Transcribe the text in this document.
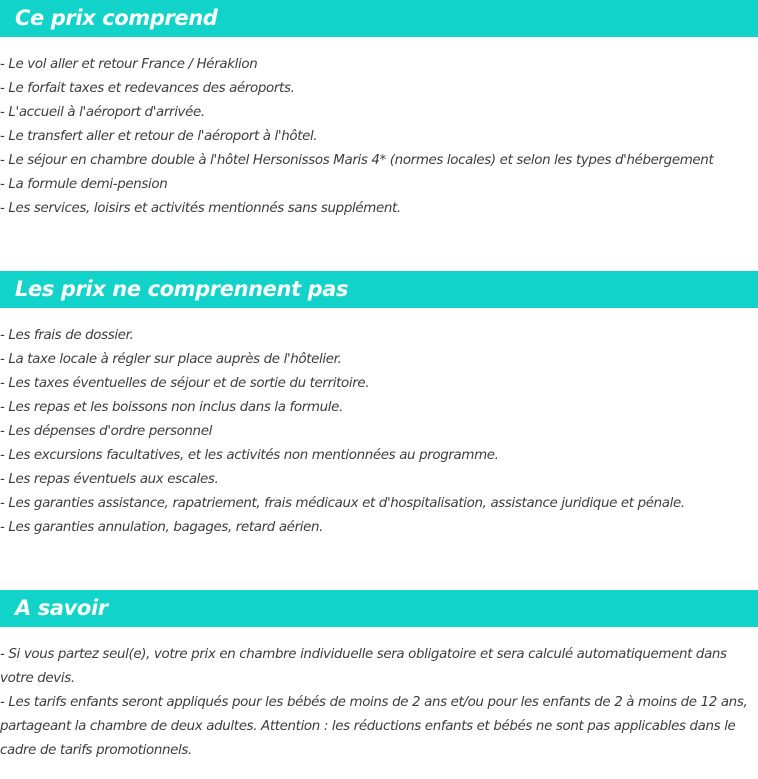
Ce prix comprend

- Le vol aller et retour France / Héraklion

- Le forfait taxes et redevances des aéroports.

- L'accueil à l'aéroport d'arrivée.

- Le transfert aller et retour de l'aéroport à l'hôtel.

- Le séjour en chambre double à l'hôtel Hersonissos Maris 4* (normes locales) et selon les types d'hébergement

- La formule demi-pension

- Les services, loisirs et activités mentionnés sans supplément.

Les prix ne comprennent pas

- Les frais de dossier.

- La taxe locale à régler sur place auprès de l'hôtelier.

- Les taxes éventuelles de séjour et de sortie du territoire.

- Les repas et les boissons non inclus dans la formule.

- Les dépenses d'ordre personnel

- Les excursions facultatives, et les activités non mentionnées au programme.

- Les repas éventuels aux escales.

- Les garanties assistance, rapatriement, frais médicaux et d'hospitalisation, assistance juridique et pénale.

- Les garanties annulation, bagages, retard aérien.

A savoir

- Si vous partez seul(e), votre prix en chambre individuelle sera obligatoire et sera calculé automatiquement dans votre devis.

- Les tarifs enfants seront appliqués pour les bébés de moins de 2 ans et/ou pour les enfants de 2 à moins de 12 ans, partageant la chambre de deux adultes. Attention : les réductions enfants et bébés ne sont pas applicables dans le cadre de tarifs promotionnels.
